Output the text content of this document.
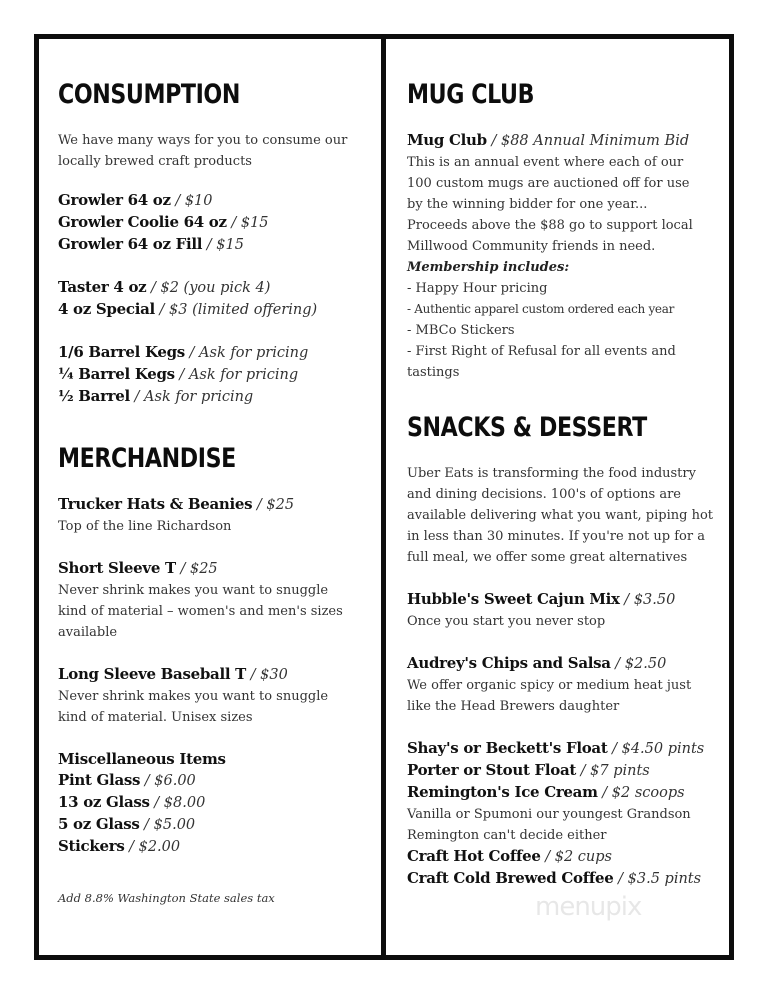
CONSUMPTION

We have many ways for you to consume our locally brewed craft products

Growler 64 oz / $10

Growler Coolie 64 oz / $15

Growler 64 oz Fill / $15

Taster 4 oz / $2 (you pick 4)

4 oz Special / $3 (limited offering)

1/6 Barrel Kegs / Ask for pricing

¼ Barrel Kegs / Ask for pricing

½ Barrel / Ask for pricing

MERCHANDISE

Trucker Hats & Beanies / $25

Top of the line Richardson

Short Sleeve T / $25

Never shrink makes you want to snuggle kind of material – women's and men's sizes available

Long Sleeve Baseball T / $30

Never shrink makes you want to snuggle kind of material. Unisex sizes

Miscellaneous Items

Pint Glass / $6.00

13 oz Glass / $8.00

5 oz Glass / $5.00

Stickers / $2.00

Add 8.8% Washington State sales tax
MUG CLUB

Mug Club / $88 Annual Minimum Bid

This is an annual event where each of our 100 custom mugs are auctioned off for use by the winning bidder for one year... Proceeds above the $88 go to support local Millwood Community friends in need.

Membership includes:

- Happy Hour pricing

- Authentic apparel custom ordered each year

- MBCo Stickers

- First Right of Refusal for all events and tastings

SNACKS & DESSERT

Uber Eats is transforming the food industry and dining decisions. 100's of options are available delivering what you want, piping hot in less than 30 minutes. If you're not up for a full meal, we offer some great alternatives

Hubble's Sweet Cajun Mix / $3.50

Once you start you never stop

Audrey's Chips and Salsa / $2.50

We offer organic spicy or medium heat just like the Head Brewers daughter

Shay's or Beckett's Float / $4.50 pints

Porter or Stout Float / $7 pints

Remington's Ice Cream / $2 scoops

Vanilla or Spumoni our youngest Grandson Remington can't decide either

Craft Hot Coffee / $2 cups

Craft Cold Brewed Coffee / $3.5 pints

menupix
